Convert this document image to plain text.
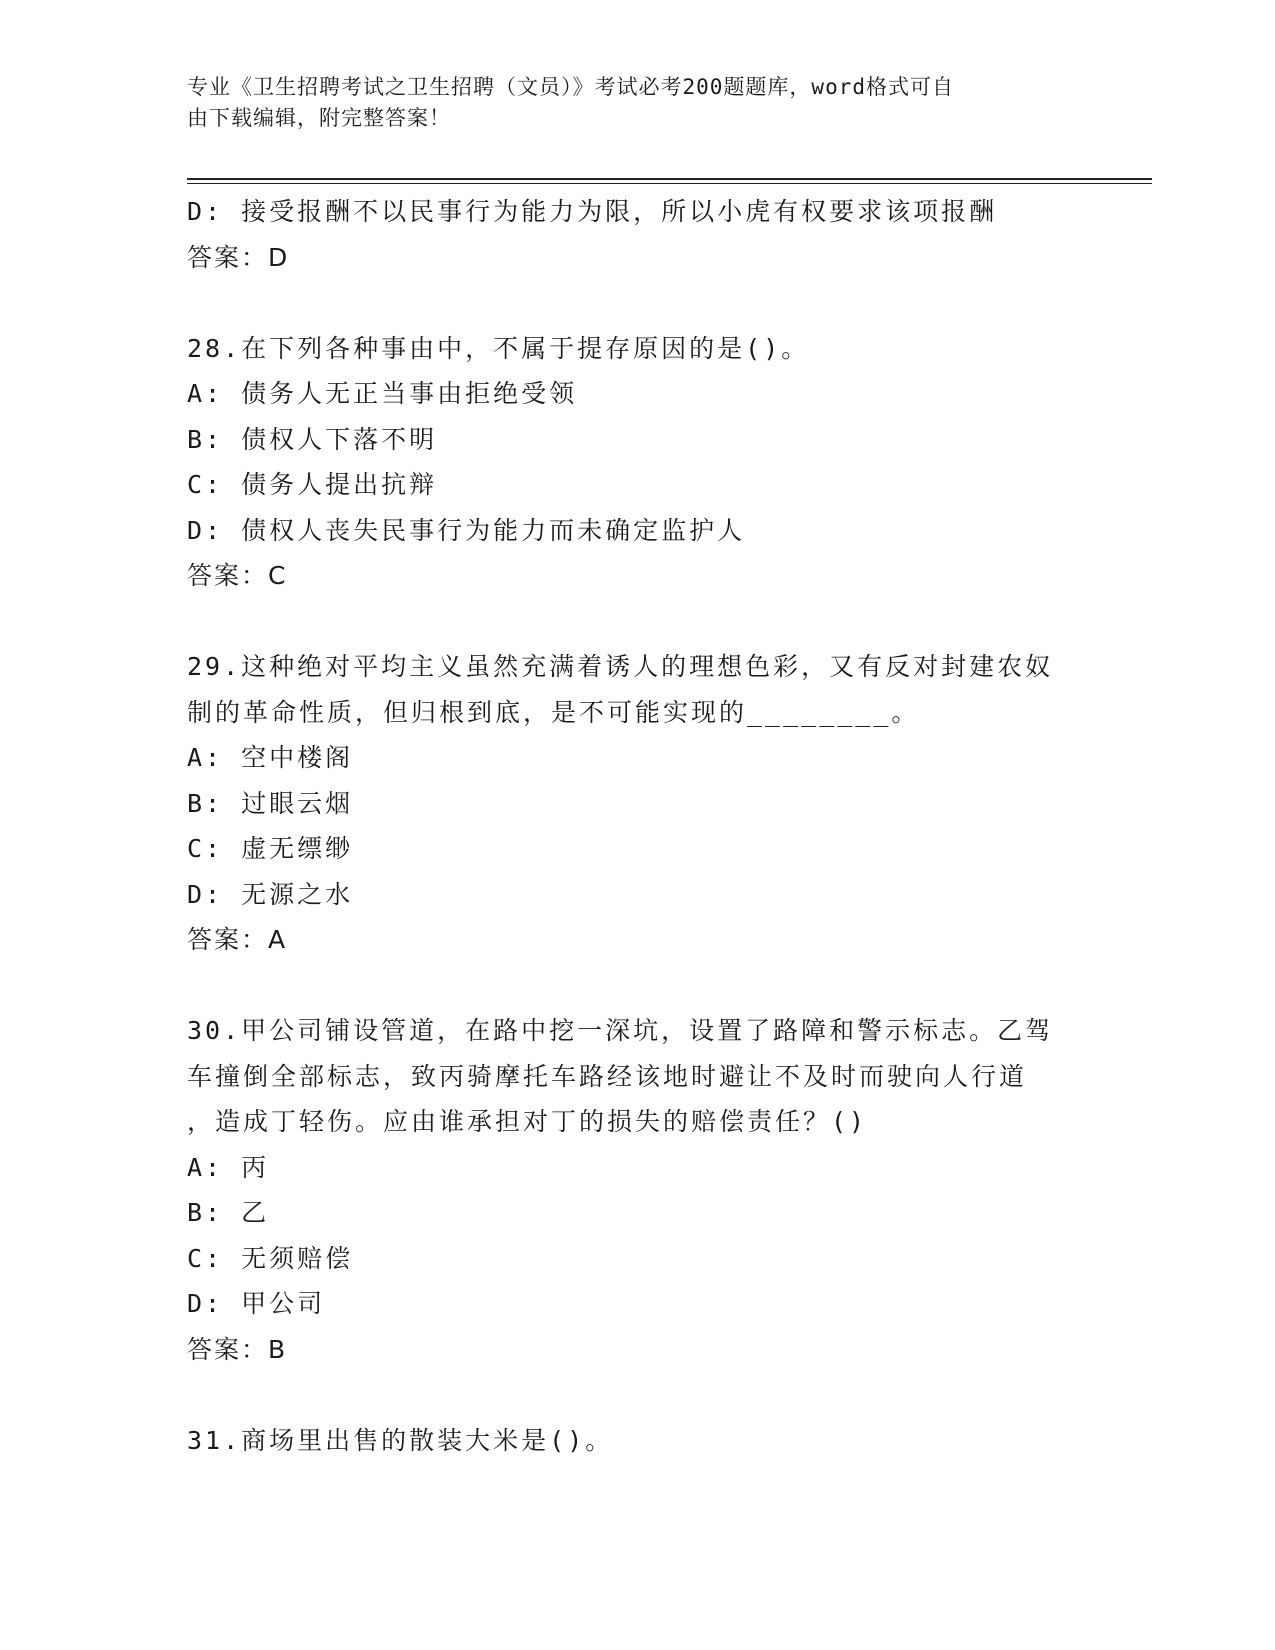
专业《卫生招聘考试之卫生招聘（文员）》考试必考200题题库，word格式可自
由下载编辑，附完整答案！
D: 接受报酬不以民事行为能力为限，所以小虎有权要求该项报酬
答案：D
28.在下列各种事由中，不属于提存原因的是()。
A: 债务人无正当事由拒绝受领
B: 债权人下落不明
C: 债务人提出抗辩
D: 债权人丧失民事行为能力而未确定监护人
答案：C
29.这种绝对平均主义虽然充满着诱人的理想色彩，又有反对封建农奴
制的革命性质，但归根到底，是不可能实现的________。
A: 空中楼阁
B: 过眼云烟
C: 虚无缥缈
D: 无源之水
答案：A
30.甲公司铺设管道，在路中挖一深坑，设置了路障和警示标志。乙驾
车撞倒全部标志，致丙骑摩托车路经该地时避让不及时而驶向人行道
，造成丁轻伤。应由谁承担对丁的损失的赔偿责任？()
A: 丙
B: 乙
C: 无须赔偿
D: 甲公司
答案：B
31.商场里出售的散装大米是()。
